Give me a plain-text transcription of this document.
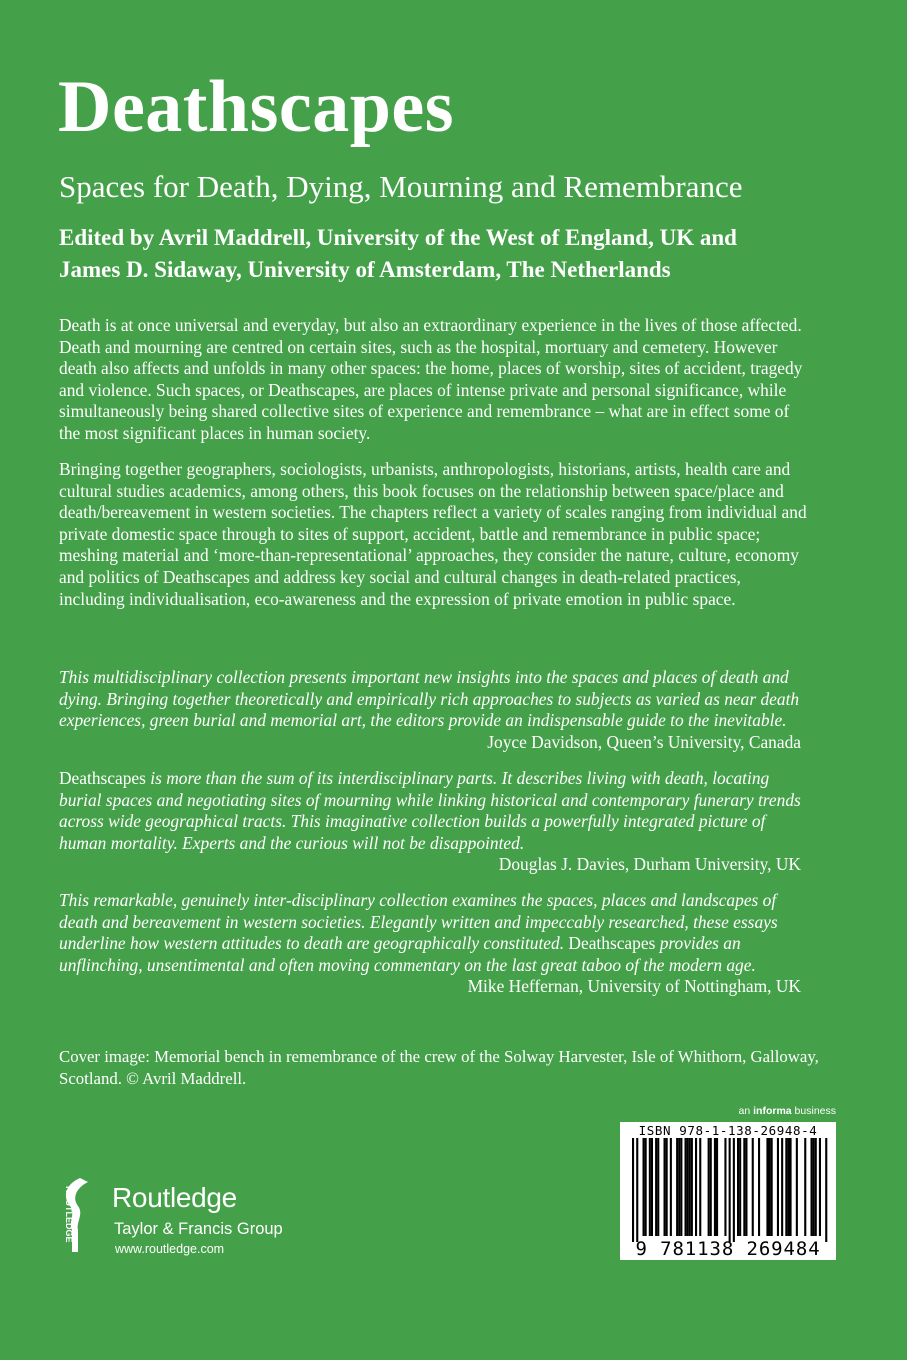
Deathscapes
Spaces for Death, Dying, Mourning and Remembrance
Edited by Avril Maddrell, University of the West of England, UK and
James D. Sidaway, University of Amsterdam, The Netherlands
Death is at once universal and everyday, but also an extraordinary experience in the lives of those affected. Death and mourning are centred on certain sites, such as the hospital, mortuary and cemetery. However death also affects and unfolds in many other spaces: the home, places of worship, sites of accident, tragedy and violence. Such spaces, or Deathscapes, are places of intense private and personal significance, while simultaneously being shared collective sites of experience and remembrance – what are in effect some of the most significant places in human society.
Bringing together geographers, sociologists, urbanists, anthropologists, historians, artists, health care and cultural studies academics, among others, this book focuses on the relationship between space/place and death/bereavement in western societies. The chapters reflect a variety of scales ranging from individual and private domestic space through to sites of support, accident, battle and remembrance in public space; meshing material and ‘more-than-representational’ approaches, they consider the nature, culture, economy and politics of Deathscapes and address key social and cultural changes in death-related practices, including individualisation, eco-awareness and the expression of private emotion in public space.
This multidisciplinary collection presents important new insights into the spaces and places of death and dying. Bringing together theoretically and empirically rich approaches to subjects as varied as near death experiences, green burial and memorial art, the editors provide an indispensable guide to the inevitable.
Joyce Davidson, Queen’s University, Canada
Deathscapes is more than the sum of its interdisciplinary parts. It describes living with death, locating burial spaces and negotiating sites of mourning while linking historical and contemporary funerary trends across wide geographical tracts. This imaginative collection builds a powerfully integrated picture of human mortality. Experts and the curious will not be disappointed.
Douglas J. Davies, Durham University, UK
This remarkable, genuinely inter-disciplinary collection examines the spaces, places and landscapes of death and bereavement in western societies. Elegantly written and impeccably researched, these essays underline how western attitudes to death are geographically constituted. Deathscapes provides an unflinching, unsentimental and often moving commentary on the last great taboo of the modern age.
Mike Heffernan, University of Nottingham, UK
Cover image: Memorial bench in remembrance of the crew of the Solway Harvester, Isle of Whithorn, Galloway, Scotland. © Avril Maddrell.
an informa business
ISBN 978-1-138-26948-4
9 781138 269484
ROUTLEDGE Routledge
Taylor & Francis Group
www.routledge.com
